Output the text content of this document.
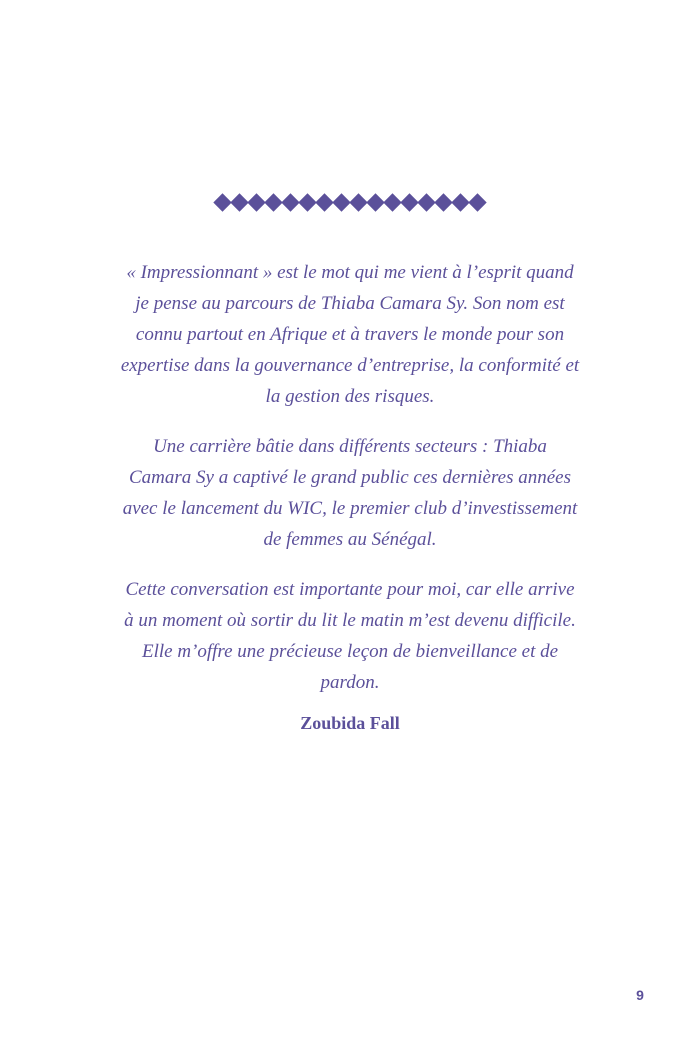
« Impressionnant » est le mot qui me vient à l’esprit quand je pense au parcours de Thiaba Camara Sy. Son nom est connu partout en Afrique et à travers le monde pour son expertise dans la gouvernance d’entreprise, la conformité et la gestion des risques.

Une carrière bâtie dans différents secteurs : Thiaba Camara Sy a captivé le grand public ces dernières années avec le lancement du WIC, le premier club d’investissement de femmes au Sénégal.

Cette conversation est importante pour moi, car elle arrive à un moment où sortir du lit le matin m’est devenu difficile. Elle m’offre une précieuse leçon de bienveillance et de pardon.

Zoubida Fall
9
